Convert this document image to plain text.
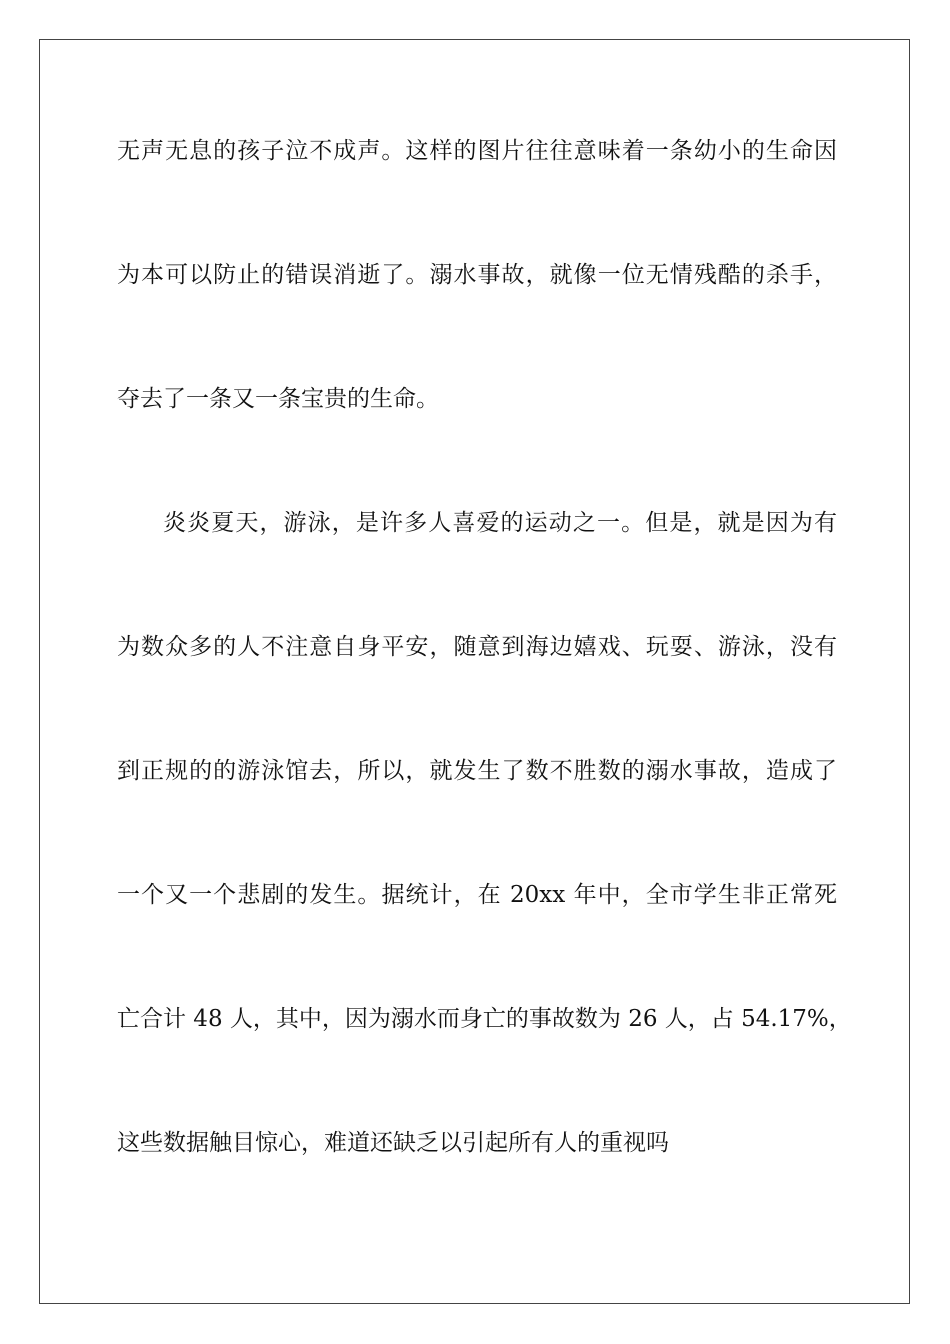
无声无息的孩子泣不成声。这样的图片往往意味着一条幼小的生命因
为本可以防止的错误消逝了。溺水事故，就像一位无情残酷的杀手，
夺去了一条又一条宝贵的生命。
炎炎夏天，游泳，是许多人喜爱的运动之一。但是，就是因为有
为数众多的人不注意自身平安，随意到海边嬉戏、玩耍、游泳，没有
到正规的的游泳馆去，所以，就发生了数不胜数的溺水事故，造成了
一个又一个悲剧的发生。据统计，在 20xx 年中，全市学生非正常死
亡合计 48 人，其中，因为溺水而身亡的事故数为 26 人，占 54.17%，
这些数据触目惊心，难道还缺乏以引起所有人的重视吗
